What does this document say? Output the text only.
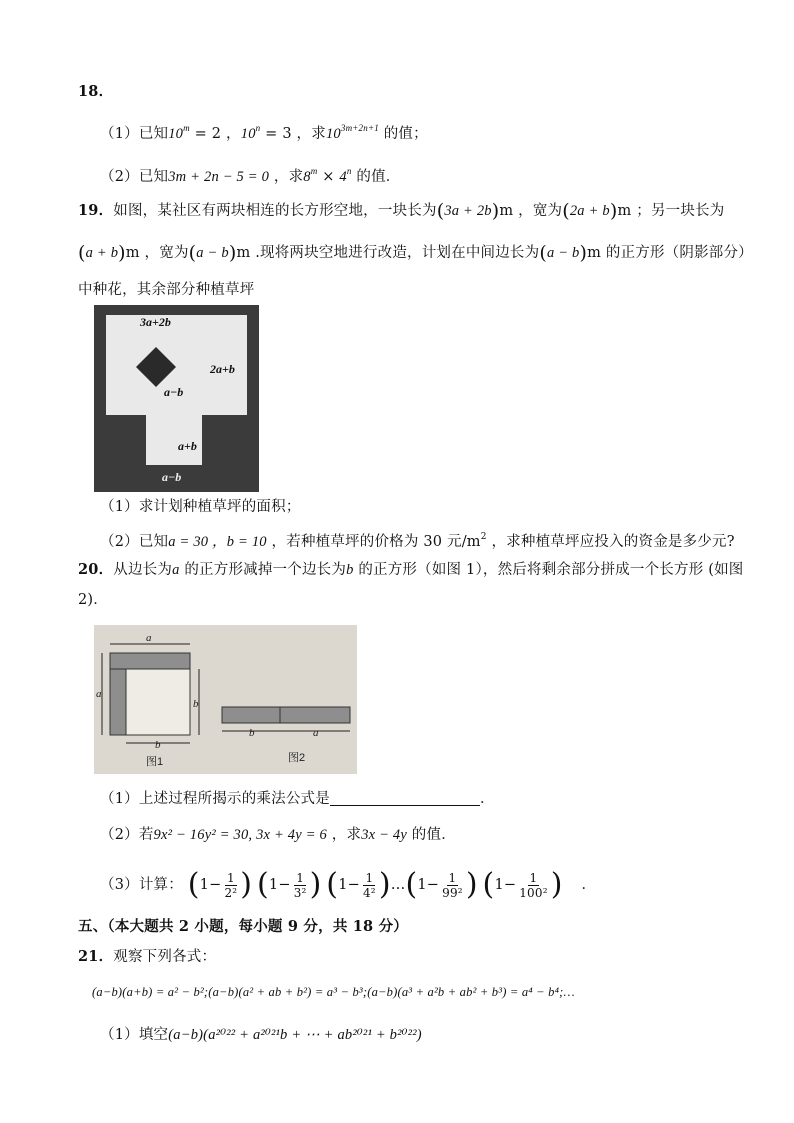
18．
（1）已知$10^m = 2$ ，$10^n = 3$ ，求$10^{3m+2n+1}$ 的值；
（2）已知3m + 2n − 5 = 0 ，求$8^m \times 4^n$ 的值．
19．如图，某社区有两块相连的长方形空地，一块长为(3a + 2b)m ，宽为(2a + b)m ；另一块长为
(a + b)m ，宽为(a − b)m .现将两块空地进行改造，计划在中间边长为(a − b)m 的正方形（阴影部分）
中种花，其余部分种植草坪
3a+2b
2a+b
a−b
a+b
a−b
（1）求计划种植草坪的面积；
（2）已知a = 30 ，b = 10 ，若种植草坪的价格为 30 元$/m^2$ ，求种植草坪应投入的资金是多少元?
20．从边长为a 的正方形减掉一个边长为b 的正方形（如图 1），然后将剩余部分拼成一个长方形 (如图
2)．
a
a
b
b
图1
b	a
图2
（1）上述过程所揭示的乘法公式是	．
（2）若9x² − 16y² = 30, 3x + 4y = 6 ，求3x − 4y 的值．
（3）计算： ($1- \frac{1}{\text{2²}}$ ) ($1- \frac{1}{\text{3²}}$ ) ($1- \frac{1}{\text{4²}}$ )…(1− $\frac{1}{\text{99²}}$ ) ($1- \frac{1}{\text{100²}}$ ) ．
五、（本大题共 2 小题，每小题 9 分，共 18 分）
21．观察下列各式：
(a−b)(a+b) = a² − b²;(a−b)(a² + ab + b²) = a³ − b³;(a−b)(a³ + a²b + ab² + b³) = a⁴ − b⁴;…
（1）填空(a−b)(a²⁰²² + a²⁰²¹b + ⋯ + ab²⁰²¹ + b²⁰²²)
